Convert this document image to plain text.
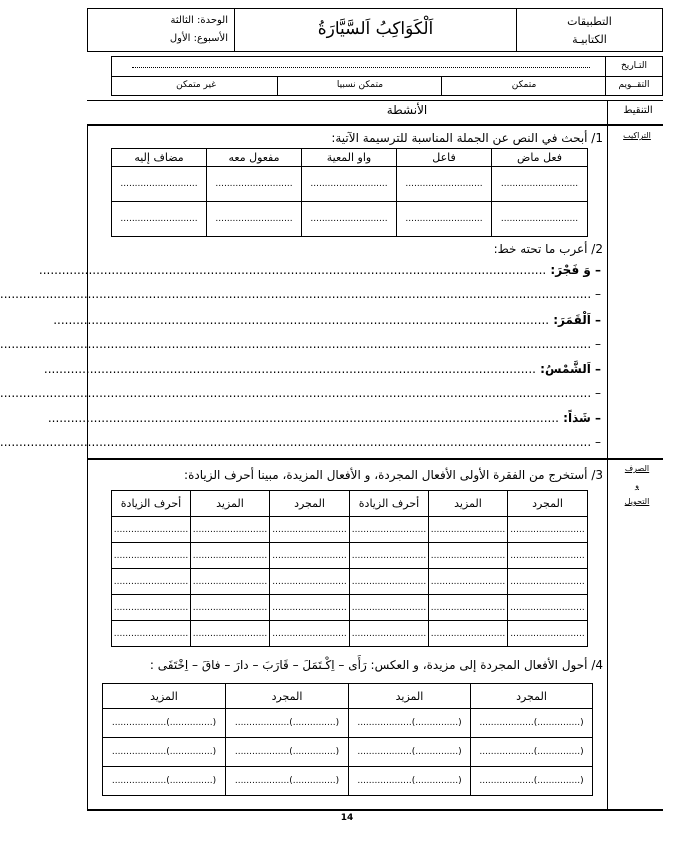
التطبيقات
الكتابيـة
اَلْكَوَاكِبُ اَلسَّيَّارَةُ
الوحدة: الثالثة
الأسبوع: الأول
التـاريخ
التقــويم
متمكن
متمكن نسبيا
غير متمكن
الأنشطة	التنقيط
التراكيب
الصرف
و
التحويل
1/ أبحث في النص عن الجملة المناسبة للترسيمة الآتية:
فعل ماض	فاعل	واو المعية	مفعول معه	مضاف إليه
...........................	...........................	...........................	...........................	...........................
...........................	...........................	...........................	...........................	...........................
2/ أعرب ما تحته خط:
– وَ فَجْرَ: .....................................................................................................................................
– ...........................................................................................................................................................
– اَلْقَمَرَ: ..................................................................................................................................
– ...........................................................................................................................................................
– اَلشَّمْسُ: .................................................................................................................................
– ...........................................................................................................................................................
– شَذاً: ......................................................................................................................................
– ...........................................................................................................................................................
3/ أستخرج من الفقرة الأولى الأفعال المجردة، و الأفعال المزيدة، مبينا أحرف الزيادة:
المجرد	المزيد	أحرف الزيادة	المجرد	المزيد	أحرف الزيادة
..........................	..........................	..........................	..........................	..........................	..........................
..........................	..........................	..........................	..........................	..........................	..........................
..........................	..........................	..........................	..........................	..........................	..........................
..........................	..........................	..........................	..........................	..........................	..........................
..........................	..........................	..........................	..........................	..........................	..........................
4/ أحول الأفعال المجردة إلى مزيدة، و العكس: رَأَى – اِكْـتَمَلَ – قَارَبَ – دارَ – فاقَ – اِخْتَفَى :
المجرد	المزيد	المجرد	المزيد
(...............)...................	(...............)...................	(...............)...................	(...............)...................
(...............)...................	(...............)...................	(...............)...................	(...............)...................
(...............)...................	(...............)...................	(...............)...................	(...............)...................
14
